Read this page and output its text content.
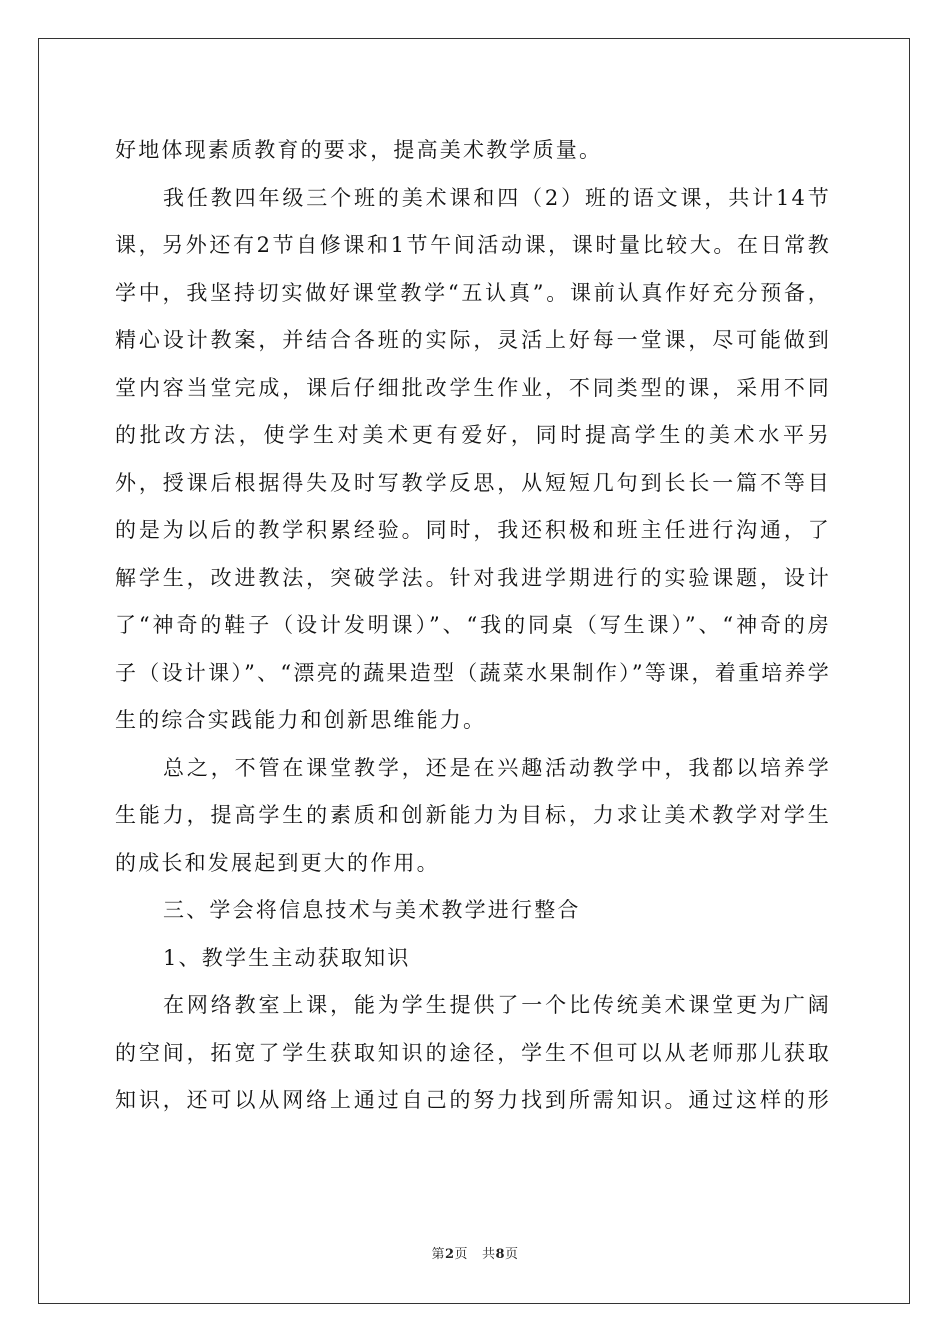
好地体现素质教育的要求，提高美术教学质量。

我任教四年级三个班的美术课和四（2）班的语文课，共计14节课，另外还有2节自修课和1节午间活动课，课时量比较大。在日常教学中，我坚持切实做好课堂教学“五认真”。课前认真作好充分预备，精心设计教案，并结合各班的实际，灵活上好每一堂课，尽可能做到堂内容当堂完成，课后仔细批改学生作业，不同类型的课，采用不同的批改方法，使学生对美术更有爱好，同时提高学生的美术水平另外，授课后根据得失及时写教学反思，从短短几句到长长一篇不等目的是为以后的教学积累经验。同时，我还积极和班主任进行沟通，了解学生，改进教法，突破学法。针对我进学期进行的实验课题，设计了“神奇的鞋子（设计发明课）”、“我的同桌（写生课）”、“神奇的房子（设计课）”、“漂亮的蔬果造型（蔬菜水果制作）”等课，着重培养学生的综合实践能力和创新思维能力。

总之，不管在课堂教学，还是在兴趣活动教学中，我都以培养学生能力，提高学生的素质和创新能力为目标，力求让美术教学对学生的成长和发展起到更大的作用。

三、学会将信息技术与美术教学进行整合

1、教学生主动获取知识

在网络教室上课，能为学生提供了一个比传统美术课堂更为广阔的空间，拓宽了学生获取知识的途径，学生不但可以从老师那儿获取知识，还可以从网络上通过自己的努力找到所需知识。通过这样的形

第2页 共8页
